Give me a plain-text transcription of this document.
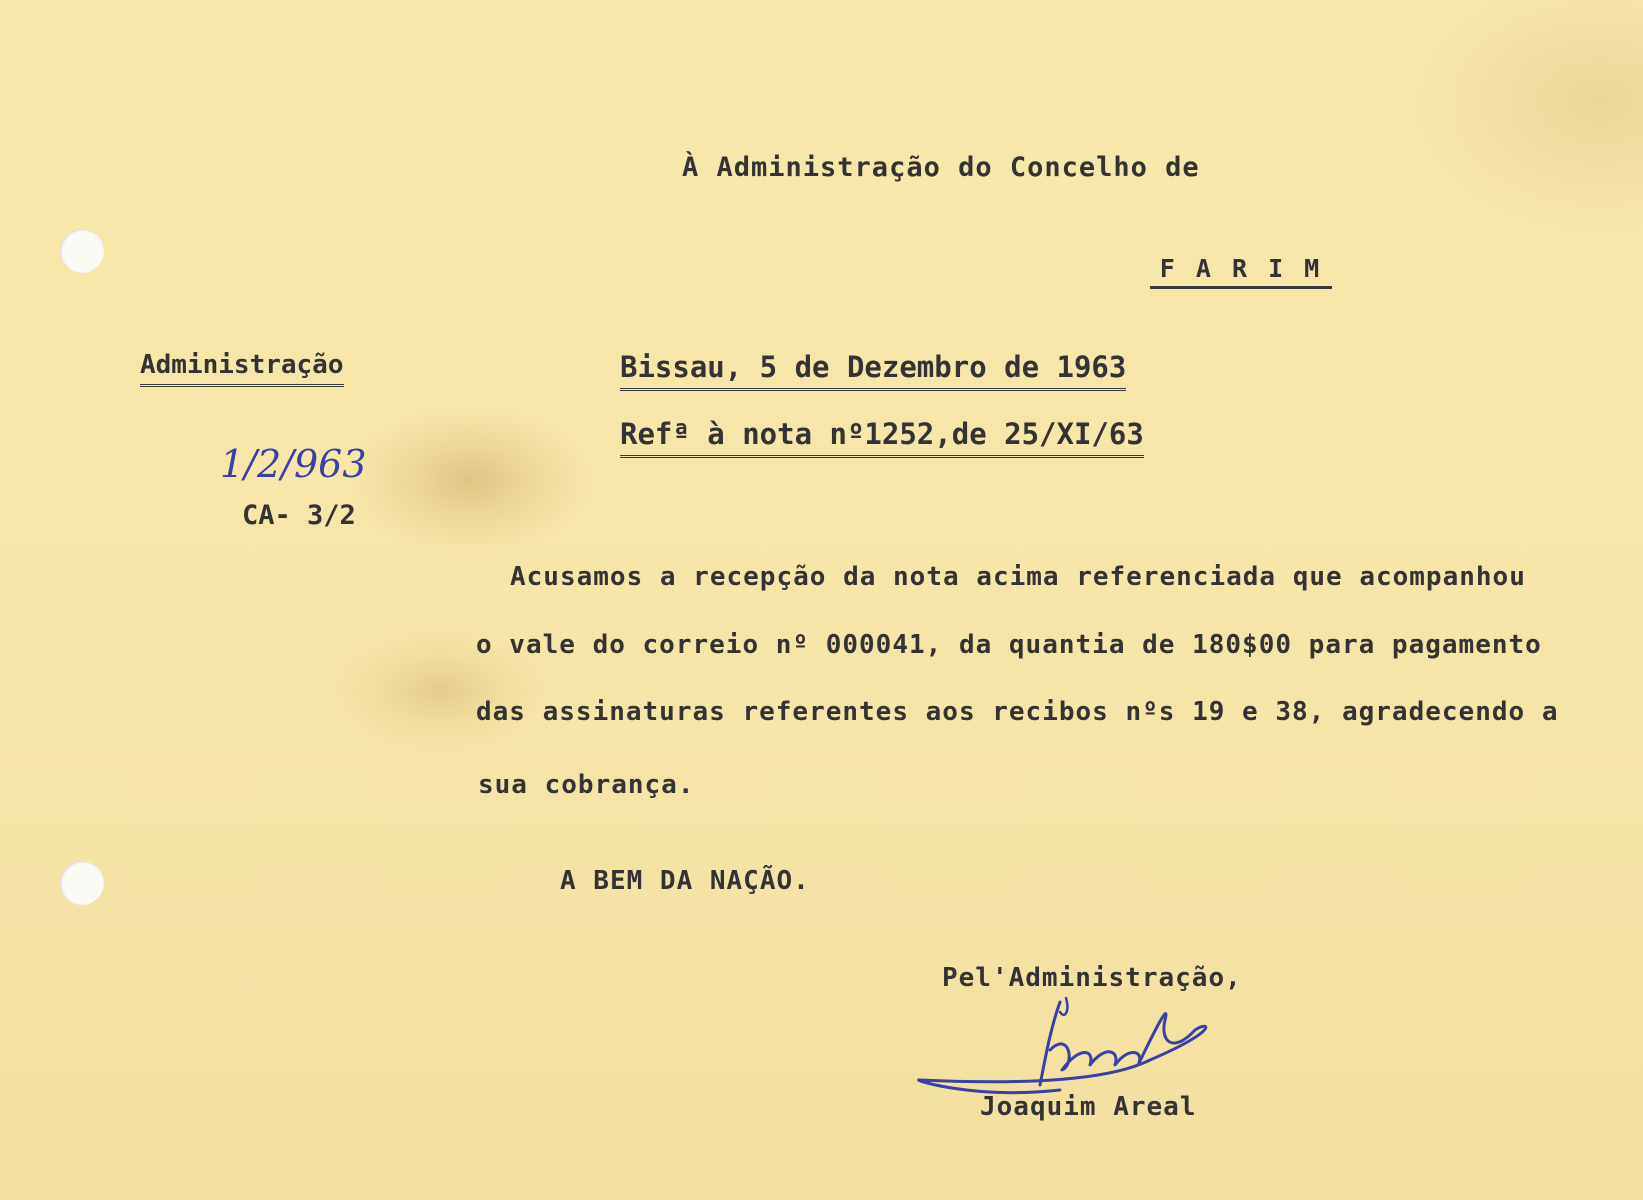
À Administração do Concelho de
F A R I M
Administração
1/2/963
CA- 3/2
Bissau, 5 de Dezembro de 1963
Refª à nota nº1252,de 25/XI/63
Acusamos a recepção da nota acima referenciada que acompanhou
o vale do correio nº 000041, da quantia de 180$00 para pagamento
das assinaturas referentes aos recibos nºs 19 e 38, agradecendo a
sua cobrança.
A BEM DA NAÇÃO.
Pel'Administração,
Joaquim Areal
